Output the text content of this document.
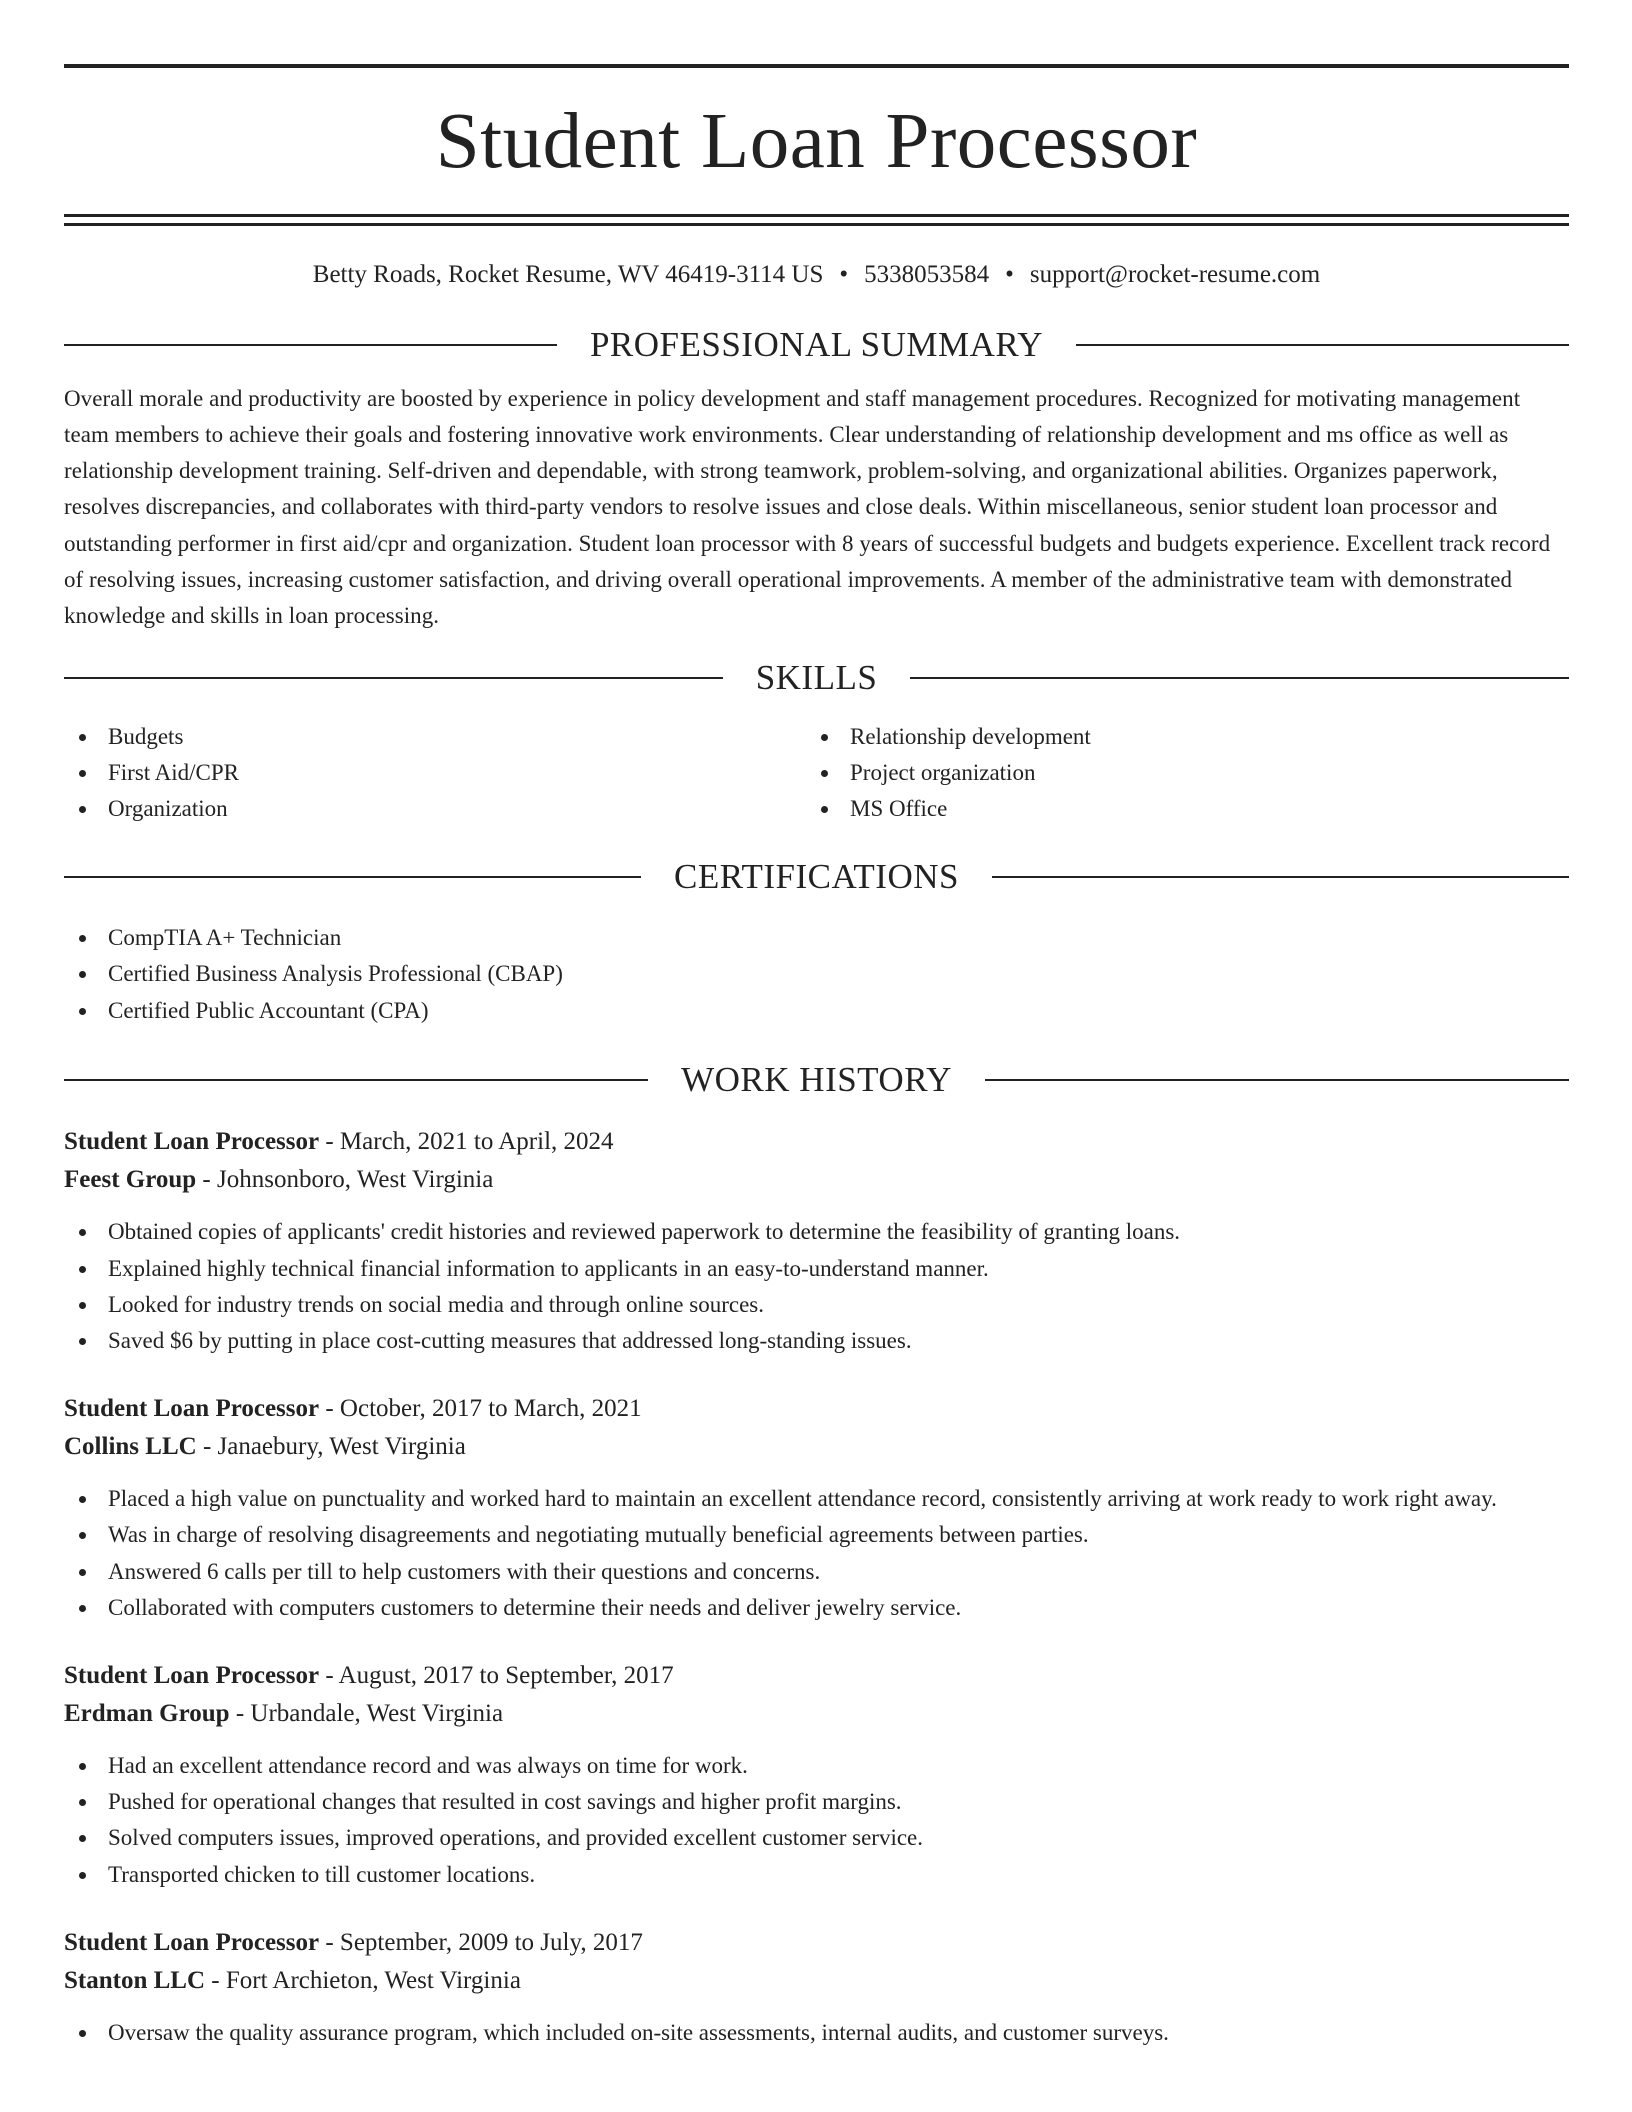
Student Loan Processor
Betty Roads, Rocket Resume, WV 46419-3114 US • 5338053584 • support@rocket-resume.com
PROFESSIONAL SUMMARY
Overall morale and productivity are boosted by experience in policy development and staff management procedures. Recognized for motivating management team members to achieve their goals and fostering innovative work environments. Clear understanding of relationship development and ms office as well as relationship development training. Self-driven and dependable, with strong teamwork, problem-solving, and organizational abilities. Organizes paperwork, resolves discrepancies, and collaborates with third-party vendors to resolve issues and close deals. Within miscellaneous, senior student loan processor and outstanding performer in first aid/cpr and organization. Student loan processor with 8 years of successful budgets and budgets experience. Excellent track record of resolving issues, increasing customer satisfaction, and driving overall operational improvements. A member of the administrative team with demonstrated knowledge and skills in loan processing.
SKILLS
Budgets
First Aid/CPR
Organization
Relationship development
Project organization
MS Office
CERTIFICATIONS
CompTIA A+ Technician
Certified Business Analysis Professional (CBAP)
Certified Public Accountant (CPA)
WORK HISTORY
Student Loan Processor - March, 2021 to April, 2024
Feest Group - Johnsonboro, West Virginia
Obtained copies of applicants' credit histories and reviewed paperwork to determine the feasibility of granting loans.
Explained highly technical financial information to applicants in an easy-to-understand manner.
Looked for industry trends on social media and through online sources.
Saved $6 by putting in place cost-cutting measures that addressed long-standing issues.
Student Loan Processor - October, 2017 to March, 2021
Collins LLC - Janaebury, West Virginia
Placed a high value on punctuality and worked hard to maintain an excellent attendance record, consistently arriving at work ready to work right away.
Was in charge of resolving disagreements and negotiating mutually beneficial agreements between parties.
Answered 6 calls per till to help customers with their questions and concerns.
Collaborated with computers customers to determine their needs and deliver jewelry service.
Student Loan Processor - August, 2017 to September, 2017
Erdman Group - Urbandale, West Virginia
Had an excellent attendance record and was always on time for work.
Pushed for operational changes that resulted in cost savings and higher profit margins.
Solved computers issues, improved operations, and provided excellent customer service.
Transported chicken to till customer locations.
Student Loan Processor - September, 2009 to July, 2017
Stanton LLC - Fort Archieton, West Virginia
Oversaw the quality assurance program, which included on-site assessments, internal audits, and customer surveys.
